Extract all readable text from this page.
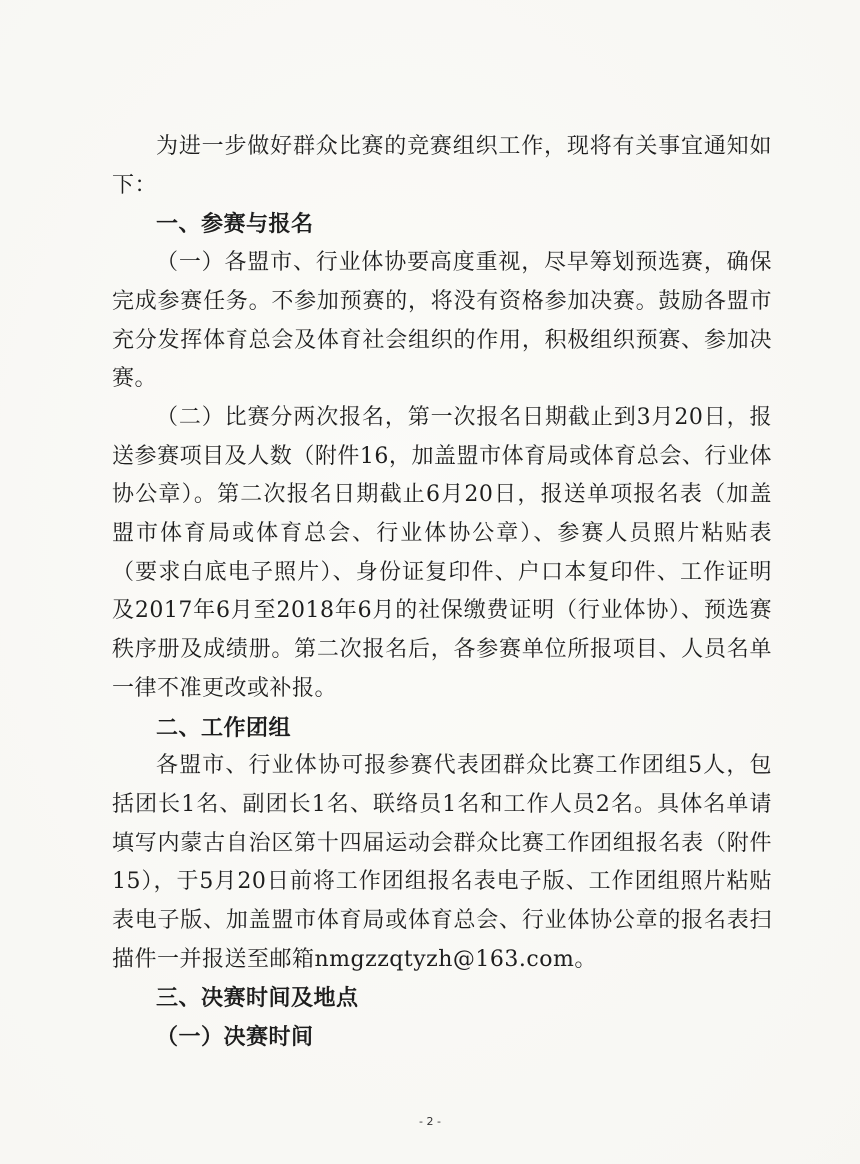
为进一步做好群众比赛的竞赛组织工作，现将有关事宜通知如下：

一、参赛与报名

（一）各盟市、行业体协要高度重视，尽早筹划预选赛，确保完成参赛任务。不参加预赛的，将没有资格参加决赛。鼓励各盟市充分发挥体育总会及体育社会组织的作用，积极组织预赛、参加决赛。

（二）比赛分两次报名，第一次报名日期截止到3月20日，报送参赛项目及人数（附件16，加盖盟市体育局或体育总会、行业体协公章）。第二次报名日期截止6月20日，报送单项报名表（加盖盟市体育局或体育总会、行业体协公章）、参赛人员照片粘贴表（要求白底电子照片）、身份证复印件、户口本复印件、工作证明及2017年6月至2018年6月的社保缴费证明（行业体协）、预选赛秩序册及成绩册。第二次报名后，各参赛单位所报项目、人员名单一律不准更改或补报。

二、工作团组

各盟市、行业体协可报参赛代表团群众比赛工作团组5人，包括团长1名、副团长1名、联络员1名和工作人员2名。具体名单请填写内蒙古自治区第十四届运动会群众比赛工作团组报名表（附件15），于5月20日前将工作团组报名表电子版、工作团组照片粘贴表电子版、加盖盟市体育局或体育总会、行业体协公章的报名表扫描件一并报送至邮箱nmgzzqtyzh@163.com。

三、决赛时间及地点

（一）决赛时间

- 2 -
